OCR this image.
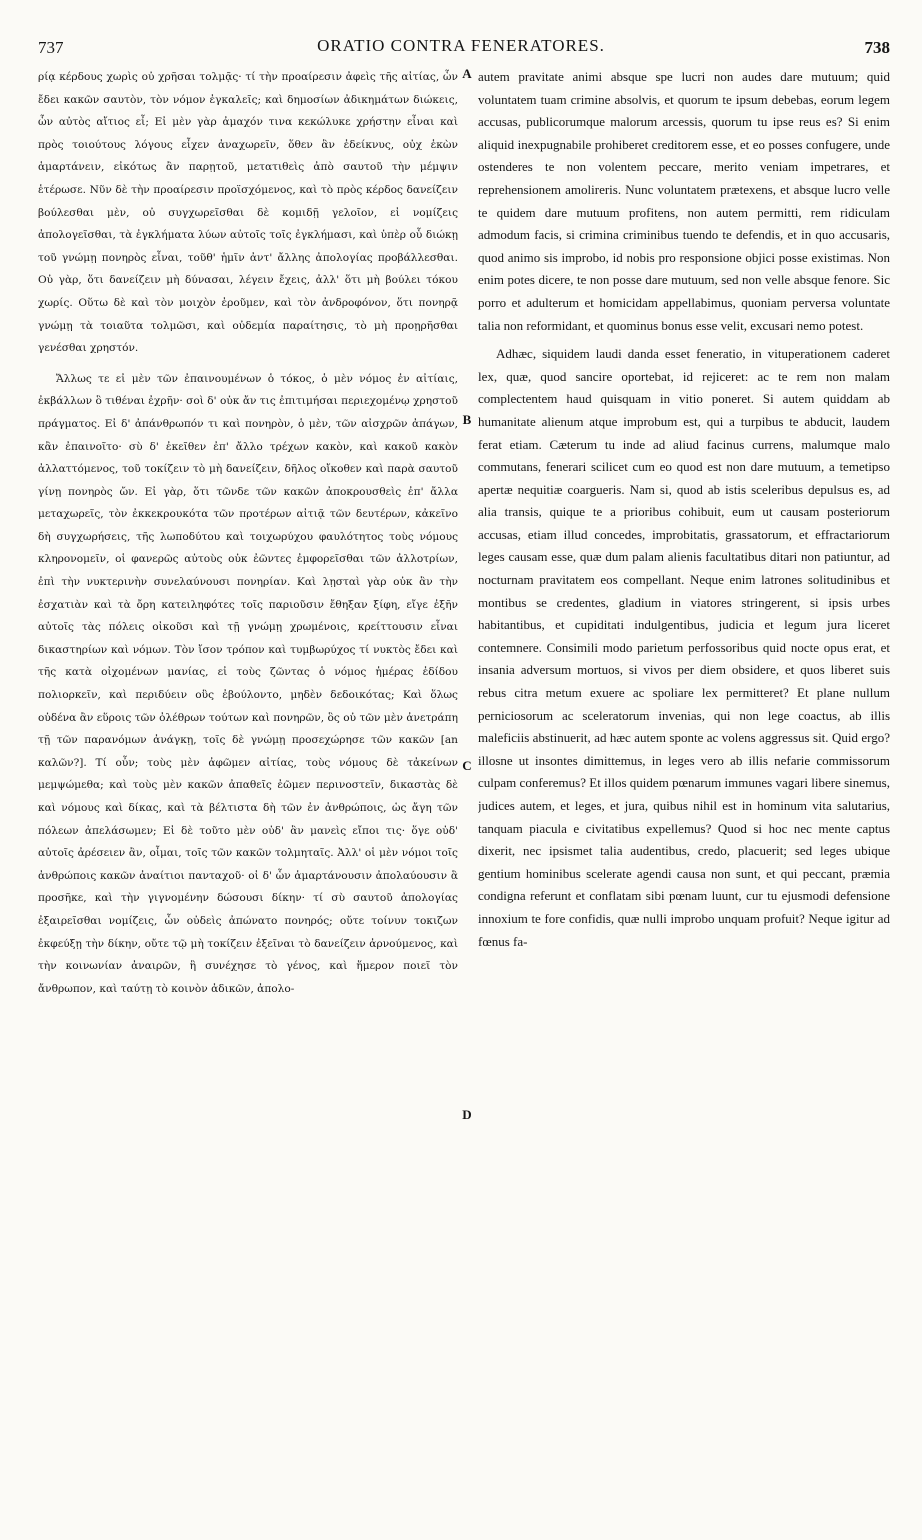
737	ORATIO CONTRA FENERATORES.	738

ρίᾳ κέρδους χωρὶς οὐ χρῆσαι τολμᾷς· τί τὴν προαίρεσιν ἀφεὶς τῆς αἰτίας, ὧν ἔδει κακῶν σαυτὸν, τὸν νόμον ἐγκαλεῖς; καὶ δημοσίων ἀδικημάτων διώκεις, ὧν αὐτὸς αἴτιος εἶ; Εἰ μὲν γὰρ ἀμαχόν τινα κεκώλυκε χρήστην εἶναι καὶ πρὸς τοιούτους λόγους εἶχεν ἀναχωρεῖν, ὅθεν ἂν ἐδείκνυς, οὐχ ἑκὼν ἁμαρτάνειν, εἰκότως ἂν παρῃτοῦ, μετατιθεὶς ἀπὸ σαυτοῦ τὴν μέμψιν ἑτέρωσε. Νῦν δὲ τὴν προαίρεσιν προϊσχόμενος, καὶ τὸ πρὸς κέρδος δανείζειν βούλεσθαι μὲν, οὐ συγχωρεῖσθαι δὲ κομιδῇ γελοῖον, εἰ νομίζεις ἀπολογεῖσθαι, τὰ ἐγκλήματα λύων αὐτοῖς τοῖς ἐγκλήμασι, καὶ ὑπὲρ οὗ διώκῃ τοῦ γνώμῃ πονηρὸς εἶναι, τοῦθ' ἡμῖν ἀντ' ἄλλης ἀπολογίας προβάλλεσθαι. Οὐ γὰρ, ὅτι δανείζειν μὴ δύνασαι, λέγειν ἔχεις, ἀλλ' ὅτι μὴ βούλει τόκου χωρίς. Οὕτω δὲ καὶ τὸν μοιχὸν ἐροῦμεν, καὶ τὸν ἀνδροφόνον, ὅτι πονηρᾷ γνώμῃ τὰ τοιαῦτα τολμῶσι, καὶ οὐδεμία παραίτησις, τὸ μὴ προῃρῆσθαι γενέσθαι χρηστόν.

Ἄλλως τε εἰ μὲν τῶν ἐπαινουμένων ὁ τόκος, ὁ μὲν νόμος ἐν αἰτίαις, ἐκβάλλων ὃ τιθέναι ἐχρῆν· σοὶ δ' οὐκ ἄν τις ἐπιτιμήσαι περιεχομένῳ χρηστοῦ πράγματος. Εἰ δ' ἀπάνθρωπόν τι καὶ πονηρὸν, ὁ μὲν, τῶν αἰσχρῶν ἀπάγων, κἂν ἐπαινοῖτο· σὺ δ' ἐκεῖθεν ἐπ' ἄλλο τρέχων κακὸν, καὶ κακοῦ κακὸν ἀλλαττόμενος, τοῦ τοκίζειν τὸ μὴ δανείζειν, δῆλος οἴκοθεν καὶ παρὰ σαυτοῦ γίνῃ πονηρὸς ὤν. Εἰ γὰρ, ὅτι τῶνδε τῶν κακῶν ἀποκρουσθεὶς ἐπ' ἄλλα μεταχωρεῖς, τὸν ἐκκεκρουκότα τῶν προτέρων αἰτιᾷ τῶν δευτέρων, κἀκεῖνο δὴ συγχωρήσεις, τῆς λωποδύτου καὶ τοιχωρύχου φαυλότητος τοὺς νόμους κληρονομεῖν, οἱ φανερῶς αὐτοὺς οὐκ ἐῶντες ἐμφορεῖσθαι τῶν ἀλλοτρίων, ἐπὶ τὴν νυκτερινὴν συνελαύνουσι πονηρίαν. Καὶ λῃσταὶ γὰρ οὐκ ἂν τὴν ἐσχατιὰν καὶ τὰ ὄρη κατειληφότες τοῖς παριοῦσιν ἔθηξαν ξίφη, εἴγε ἐξῆν αὐτοῖς τὰς πόλεις οἰκοῦσι καὶ τῇ γνώμῃ χρωμένοις, κρείττουσιν εἶναι δικαστηρίων καὶ νόμων. Τὸν ἴσον τρόπον καὶ τυμβωρύχος τί νυκτὸς ἔδει καὶ τῆς κατὰ οἰχομένων μανίας, εἰ τοὺς ζῶντας ὁ νόμος ἡμέρας ἐδίδου πολιορκεῖν, καὶ περιδύειν οὓς ἐβούλοντο, μηδὲν δεδοικότας; Καὶ ὅλως οὐδένα ἂν εὕροις τῶν ὀλέθρων τούτων καὶ πονηρῶν, ὃς οὐ τῶν μὲν ἀνετράπη τῇ τῶν παρανόμων ἀνάγκῃ, τοῖς δὲ γνώμῃ προσεχώρησε τῶν κακῶν [an καλῶν?]. Τί οὖν; τοὺς μὲν ἀφῶμεν αἰτίας, τοὺς νόμους δὲ τἀκείνων μεμψώμεθα; καὶ τοὺς μὲν κακῶν ἀπαθεῖς ἐῶμεν περινοστεῖν, δικαστὰς δὲ καὶ νόμους καὶ δίκας, καὶ τὰ βέλτιστα δὴ τῶν ἐν ἀνθρώποις, ὡς ἄγη τῶν πόλεων ἀπελάσωμεν; Εἰ δὲ τοῦτο μὲν οὐδ' ἂν μανεὶς εἴποι τις· ὅγε οὐδ' αὐτοῖς ἀρέσειεν ἂν, οἶμαι, τοῖς τῶν κακῶν τολμηταῖς. Ἀλλ' οἱ μὲν νόμοι τοῖς ἀνθρώποις κακῶν ἀναίτιοι πανταχοῦ· οἱ δ' ὧν ἁμαρτάνουσιν ἀπολαύουσιν ἃ προσῆκε, καὶ τὴν γιγνομένην δώσουσι δίκην· τί σὺ σαυτοῦ ἀπολογίας ἐξαιρεῖσθαι νομίζεις, ὧν οὐδεὶς ἀπώνατο πονηρός; οὔτε τοίνυν τοκιζων ἐκφεύξῃ τὴν δίκην, οὔτε τῷ μὴ τοκίζειν ἐξεῖναι τὸ δανείζειν ἀρνούμενος, καὶ τὴν κοινωνίαν ἀναιρῶν, ἣ συνέχησε τὸ γένος, καὶ ἥμερον ποιεῖ τὸν ἄνθρωπον, καὶ ταύτῃ τὸ κοινὸν ἀδικῶν, ἀπολο-

A
B
C
D

autem pravitate animi absque spe lucri non audes dare mutuum; quid voluntatem tuam crimine absolvis, et quorum te ipsum debebas, eorum legem accusas, publicorumque malorum arcessis, quorum tu ipse reus es? Si enim aliquid inexpugnabile prohiberet creditorem esse, et eo posses confugere, unde ostenderes te non volentem peccare, merito veniam impetrares, et reprehensionem amolireris. Nunc voluntatem prætexens, et absque lucro velle te quidem dare mutuum profitens, non autem permitti, rem ridiculam admodum facis, si crimina criminibus tuendo te defendis, et in quo accusaris, quod animo sis improbo, id nobis pro responsione objici posse existimas. Non enim potes dicere, te non posse dare mutuum, sed non velle absque fenore. Sic porro et adulterum et homicidam appellabimus, quoniam perversa voluntate talia non reformidant, et quominus bonus esse velit, excusari nemo potest.

Adhæc, siquidem laudi danda esset feneratio, in vituperationem caderet lex, quæ, quod sancire oportebat, id rejiceret: ac te rem non malam complectentem haud quisquam in vitio poneret. Si autem quiddam ab humanitate alienum atque improbum est, qui a turpibus te abducit, laudem ferat etiam. Cæterum tu inde ad aliud facinus currens, malumque malo commutans, fenerari scilicet cum eo quod est non dare mutuum, a temetipso apertæ nequitiæ coargueris. Nam si, quod ab istis sceleribus depulsus es, ad alia transis, quique te a prioribus cohibuit, eum ut causam posteriorum accusas, etiam illud concedes, improbitatis, grassatorum, et effractariorum leges causam esse, quæ dum palam alienis facultatibus ditari non patiuntur, ad nocturnam pravitatem eos compellant. Neque enim latrones solitudinibus et montibus se credentes, gladium in viatores stringerent, si ipsis urbes habitantibus, et cupiditati indulgentibus, judicia et legum jura liceret contemnere. Consimili modo parietum perfossoribus quid nocte opus erat, et insania adversum mortuos, si vivos per diem obsidere, et quos liberet suis rebus citra metum exuere ac spoliare lex permitteret? Et plane nullum perniciosorum ac sceleratorum invenias, qui non lege coactus, ab illis maleficiis abstinuerit, ad hæc autem sponte ac volens aggressus sit. Quid ergo? illosne ut insontes dimittemus, in leges vero ab illis nefarie commissorum culpam conferemus? Et illos quidem pœnarum immunes vagari libere sinemus, judices autem, et leges, et jura, quibus nihil est in hominum vita salutarius, tanquam piacula e civitatibus expellemus? Quod si hoc nec mente captus dixerit, nec ipsismet talia audentibus, credo, placuerit; sed leges ubique gentium hominibus scelerate agendi causa non sunt, et qui peccant, præmia condigna referunt et conflatam sibi pœnam luunt, cur tu ejusmodi defensione innoxium te fore confidis, quæ nulli improbo unquam profuit? Neque igitur ad fœnus fa-
